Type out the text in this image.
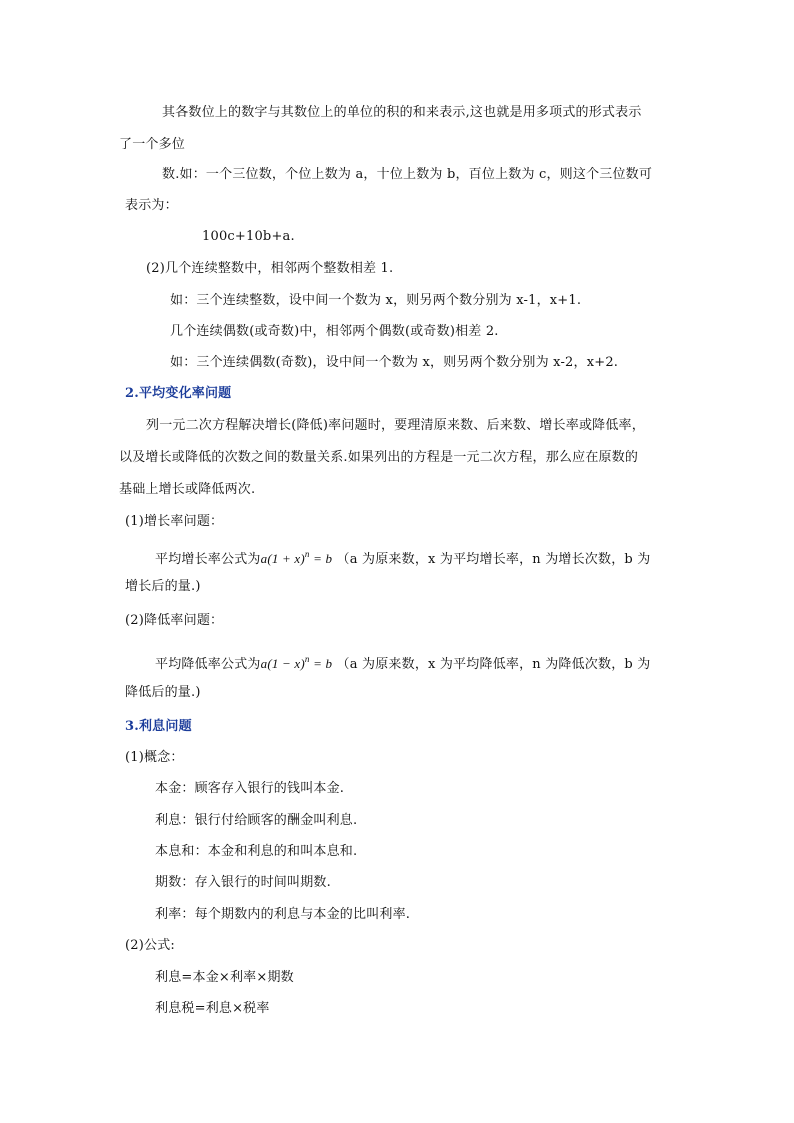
其各数位上的数字与其数位上的单位的积的和来表示,这也就是用多项式的形式表示
了一个多位
数.如：一个三位数，个位上数为 a，十位上数为 b，百位上数为 c，则这个三位数可
表示为：
100c+10b+a.
(2)几个连续整数中，相邻两个整数相差 1.
如：三个连续整数，设中间一个数为 x，则另两个数分别为 x-1，x+1.
几个连续偶数(或奇数)中，相邻两个偶数(或奇数)相差 2.
如：三个连续偶数(奇数)，设中间一个数为 x，则另两个数分别为 x-2，x+2.
2.平均变化率问题
列一元二次方程解决增长(降低)率问题时，要理清原来数、后来数、增长率或降低率，
以及增长或降低的次数之间的数量关系.如果列出的方程是一元二次方程，那么应在原数的
基础上增长或降低两次.
(1)增长率问题：
平均增长率公式为$a(1 + x)^n = b$ （a 为原来数，x 为平均增长率，n 为增长次数，b 为
增长后的量.)
(2)降低率问题：
平均降低率公式为$a(1 - x)^n = b$ （a 为原来数，x 为平均降低率，n 为降低次数，b 为
降低后的量.)
3.利息问题
(1)概念：
本金：顾客存入银行的钱叫本金.
利息：银行付给顾客的酬金叫利息.
本息和：本金和利息的和叫本息和.
期数：存入银行的时间叫期数.
利率：每个期数内的利息与本金的比叫利率.
(2)公式:
利息=本金×利率×期数
利息税=利息×税率
